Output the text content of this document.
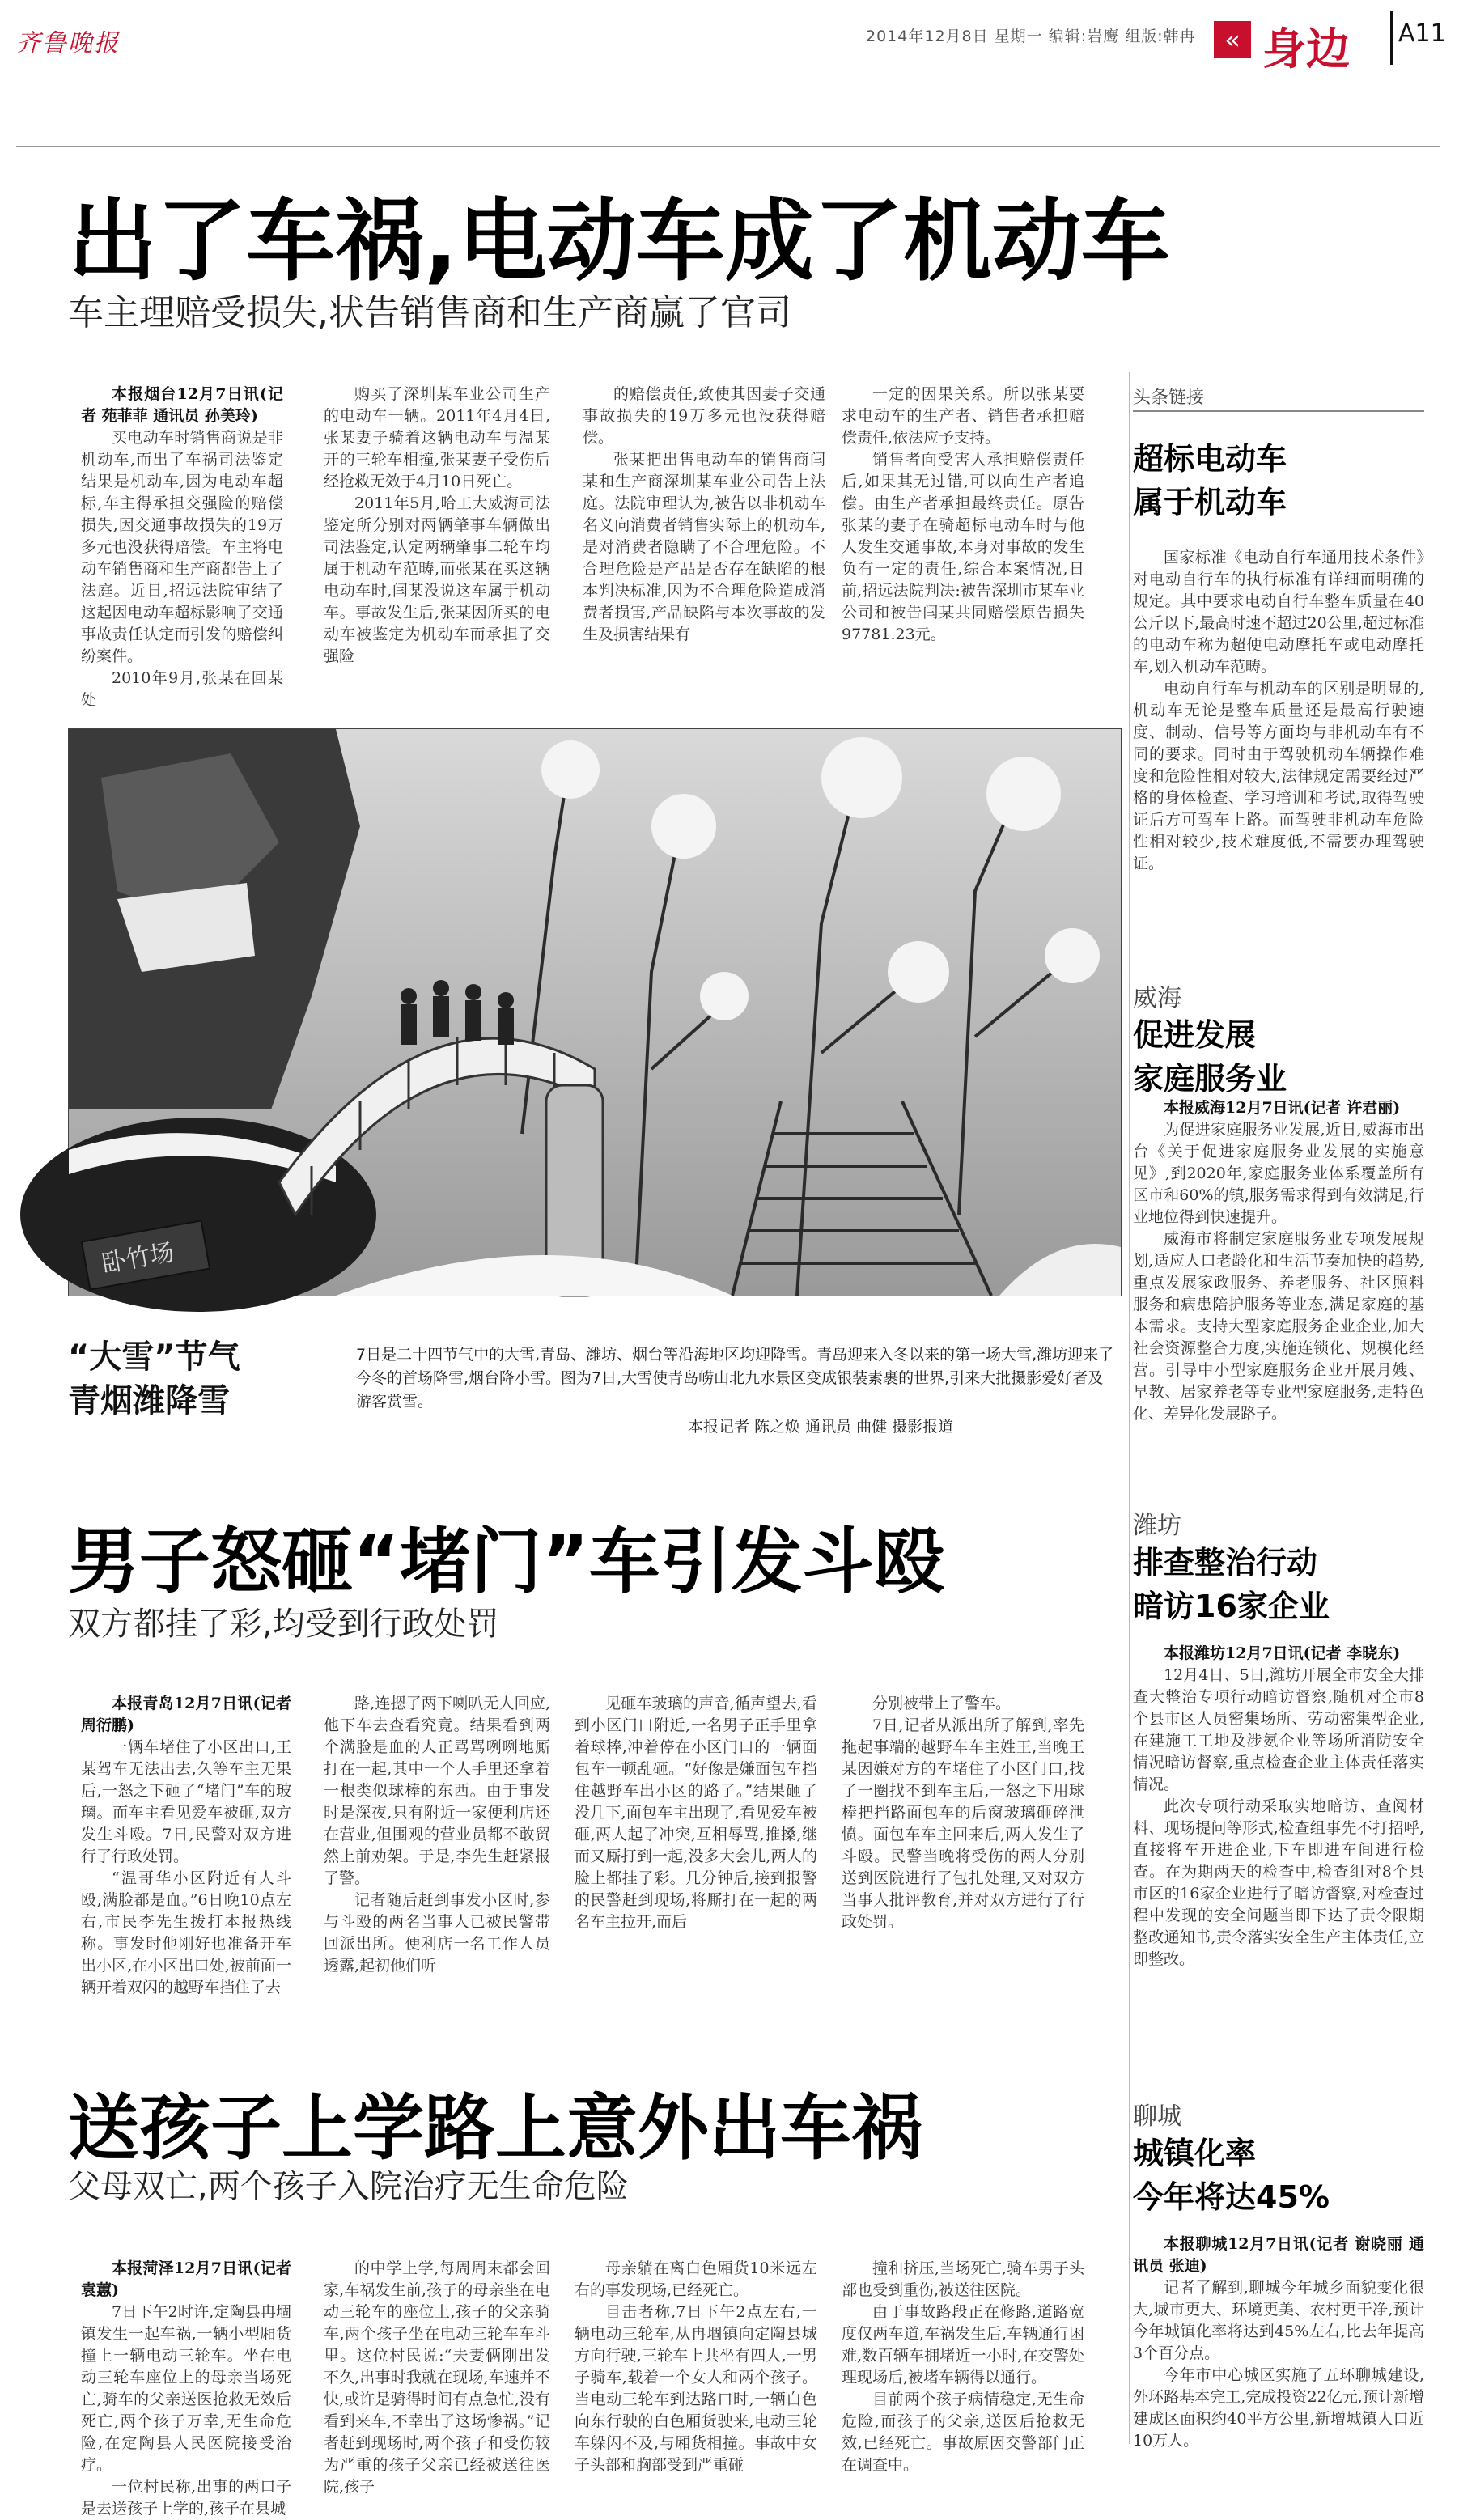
齐鲁晚报	2014年12月8日 星期一 编辑:岩鹰 组版:韩冉	« 身边 A11
出了车祸,电动车成了机动车
车主理赔受损失,状告销售商和生产商赢了官司

本报烟台12月7日讯(记者 苑菲菲 通讯员 孙美玲)

买电动车时销售商说是非机动车,而出了车祸司法鉴定结果是机动车,因为电动车超标,车主得承担交强险的赔偿损失,因交通事故损失的19万多元也没获得赔偿。车主将电动车销售商和生产商都告上了法庭。近日,招远法院审结了这起因电动车超标影响了交通事故责任认定而引发的赔偿纠纷案件。

2010年9月,张某在回某处

购买了深圳某车业公司生产的电动车一辆。2011年4月4日,张某妻子骑着这辆电动车与温某开的三轮车相撞,张某妻子受伤后经抢救无效于4月10日死亡。

2011年5月,哈工大威海司法鉴定所分别对两辆肇事车辆做出司法鉴定,认定两辆肇事二轮车均属于机动车范畴,而张某在买这辆电动车时,闫某没说这车属于机动车。事故发生后,张某因所买的电动车被鉴定为机动车而承担了交强险

的赔偿责任,致使其因妻子交通事故损失的19万多元也没获得赔偿。

张某把出售电动车的销售商闫某和生产商深圳某车业公司告上法庭。法院审理认为,被告以非机动车名义向消费者销售实际上的机动车,是对消费者隐瞒了不合理危险。不合理危险是产品是否存在缺陷的根本判决标准,因为不合理危险造成消费者损害,产品缺陷与本次事故的发生及损害结果有

一定的因果关系。所以张某要求电动车的生产者、销售者承担赔偿责任,依法应予支持。

销售者向受害人承担赔偿责任后,如果其无过错,可以向生产者追偿。由生产者承担最终责任。原告张某的妻子在骑超标电动车时与他人发生交通事故,本身对事故的发生负有一定的责任,综合本案情况,日前,招远法院判决:被告深圳市某车业公司和被告闫某共同赔偿原告损失97781.23元。

卧竹场
“大雪”节气
青烟潍降雪
7日是二十四节气中的大雪,青岛、潍坊、烟台等沿海地区均迎降雪。青岛迎来入冬以来的第一场大雪,潍坊迎来了今冬的首场降雪,烟台降小雪。图为7日,大雪使青岛崂山北九水景区变成银装素裹的世界,引来大批摄影爱好者及游客赏雪。
本报记者 陈之焕 通讯员 曲健 摄影报道
男子怒砸“堵门”车引发斗殴
双方都挂了彩,均受到行政处罚

本报青岛12月7日讯(记者 周衍鹏)

一辆车堵住了小区出口,王某驾车无法出去,久等车主无果后,一怒之下砸了“堵门”车的玻璃。而车主看见爱车被砸,双方发生斗殴。7日,民警对双方进行了行政处罚。

“温哥华小区附近有人斗殴,满脸都是血。”6日晚10点左右,市民李先生拨打本报热线称。事发时他刚好也准备开车出小区,在小区出口处,被前面一辆开着双闪的越野车挡住了去

路,连摁了两下喇叭无人回应,他下车去查看究竟。结果看到两个满脸是血的人正骂骂咧咧地厮打在一起,其中一个人手里还拿着一根类似球棒的东西。由于事发时是深夜,只有附近一家便利店还在营业,但围观的营业员都不敢贸然上前劝架。于是,李先生赶紧报了警。

记者随后赶到事发小区时,参与斗殴的两名当事人已被民警带回派出所。便利店一名工作人员透露,起初他们听

见砸车玻璃的声音,循声望去,看到小区门口附近,一名男子正手里拿着球棒,冲着停在小区门口的一辆面包车一顿乱砸。“好像是嫌面包车挡住越野车出小区的路了。”结果砸了没几下,面包车主出现了,看见爱车被砸,两人起了冲突,互相辱骂,推搡,继而又厮打到一起,没多大会儿,两人的脸上都挂了彩。几分钟后,接到报警的民警赶到现场,将厮打在一起的两名车主拉开,而后

分别被带上了警车。

7日,记者从派出所了解到,率先拖起事端的越野车车主姓王,当晚王某因嫌对方的车堵住了小区门口,找了一圈找不到车主后,一怒之下用球棒把挡路面包车的后窗玻璃砸碎泄愤。面包车车主回来后,两人发生了斗殴。民警当晚将受伤的两人分别送到医院进行了包扎处理,又对双方当事人批评教育,并对双方进行了行政处罚。

送孩子上学路上意外出车祸
父母双亡,两个孩子入院治疗无生命危险

本报菏泽12月7日讯(记者 袁蕙)

7日下午2时许,定陶县冉堌镇发生一起车祸,一辆小型厢货撞上一辆电动三轮车。坐在电动三轮车座位上的母亲当场死亡,骑车的父亲送医抢救无效后死亡,两个孩子万幸,无生命危险,在定陶县人民医院接受治疗。

一位村民称,出事的两口子是去送孩子上学的,孩子在县城

的中学上学,每周周末都会回家,车祸发生前,孩子的母亲坐在电动三轮车的座位上,孩子的父亲骑车,两个孩子坐在电动三轮车车斗里。这位村民说:“夫妻俩刚出发不久,出事时我就在现场,车速并不快,或许是骑得时间有点急忙,没有看到来车,不幸出了这场惨祸。”记者赶到现场时,两个孩子和受伤较为严重的孩子父亲已经被送往医院,孩子

母亲躺在离白色厢货10米远左右的事发现场,已经死亡。

目击者称,7日下午2点左右,一辆电动三轮车,从冉堌镇向定陶县城方向行驶,三轮车上共坐有四人,一男子骑车,载着一个女人和两个孩子。当电动三轮车到达路口时,一辆白色向东行驶的白色厢货驶来,电动三轮车躲闪不及,与厢货相撞。事故中女子头部和胸部受到严重碰

撞和挤压,当场死亡,骑车男子头部也受到重伤,被送往医院。

由于事故路段正在修路,道路宽度仅两车道,车祸发生后,车辆通行困难,数百辆车拥堵近一小时,在交警处理现场后,被堵车辆得以通行。

目前两个孩子病情稳定,无生命危险,而孩子的父亲,送医后抢救无效,已经死亡。事故原因交警部门正在调查中。

头条链接
超标电动车
属于机动车

国家标准《电动自行车通用技术条件》对电动自行车的执行标准有详细而明确的规定。其中要求电动自行车整车质量在40公斤以下,最高时速不超过20公里,超过标准的电动车称为超便电动摩托车或电动摩托车,划入机动车范畴。

电动自行车与机动车的区别是明显的,机动车无论是整车质量还是最高行驶速度、制动、信号等方面均与非机动车有不同的要求。同时由于驾驶机动车辆操作难度和危险性相对较大,法律规定需要经过严格的身体检查、学习培训和考试,取得驾驶证后方可驾车上路。而驾驶非机动车危险性相对较少,技术难度低,不需要办理驾驶证。

威海
促进发展
家庭服务业

本报威海12月7日讯(记者 许君丽)

为促进家庭服务业发展,近日,威海市出台《关于促进家庭服务业发展的实施意见》,到2020年,家庭服务业体系覆盖所有区市和60%的镇,服务需求得到有效满足,行业地位得到快速提升。

威海市将制定家庭服务业专项发展规划,适应人口老龄化和生活节奏加快的趋势,重点发展家政服务、养老服务、社区照料服务和病患陪护服务等业态,满足家庭的基本需求。支持大型家庭服务企业企业,加大社会资源整合力度,实施连锁化、规模化经营。引导中小型家庭服务企业开展月嫂、早教、居家养老等专业型家庭服务,走特色化、差异化发展路子。

潍坊
排查整治行动
暗访16家企业

本报潍坊12月7日讯(记者 李晓东)

12月4日、5日,潍坊开展全市安全大排查大整治专项行动暗访督察,随机对全市8个县市区人员密集场所、劳动密集型企业,在建施工工地及涉氨企业等场所消防安全情况暗访督察,重点检查企业主体责任落实情况。

此次专项行动采取实地暗访、查阅材料、现场提问等形式,检查组事先不打招呼,直接将车开进企业,下车即进车间进行检查。在为期两天的检查中,检查组对8个县市区的16家企业进行了暗访督察,对检查过程中发现的安全问题当即下达了责令限期整改通知书,责令落实安全生产主体责任,立即整改。

聊城
城镇化率
今年将达45%

本报聊城12月7日讯(记者 谢晓丽 通讯员 张迪)

记者了解到,聊城今年城乡面貌变化很大,城市更大、环境更美、农村更干净,预计今年城镇化率将达到45%左右,比去年提高3个百分点。

今年市中心城区实施了五环聊城建设,外环路基本完工,完成投资22亿元,预计新增建成区面积约40平方公里,新增城镇人口近10万人。
